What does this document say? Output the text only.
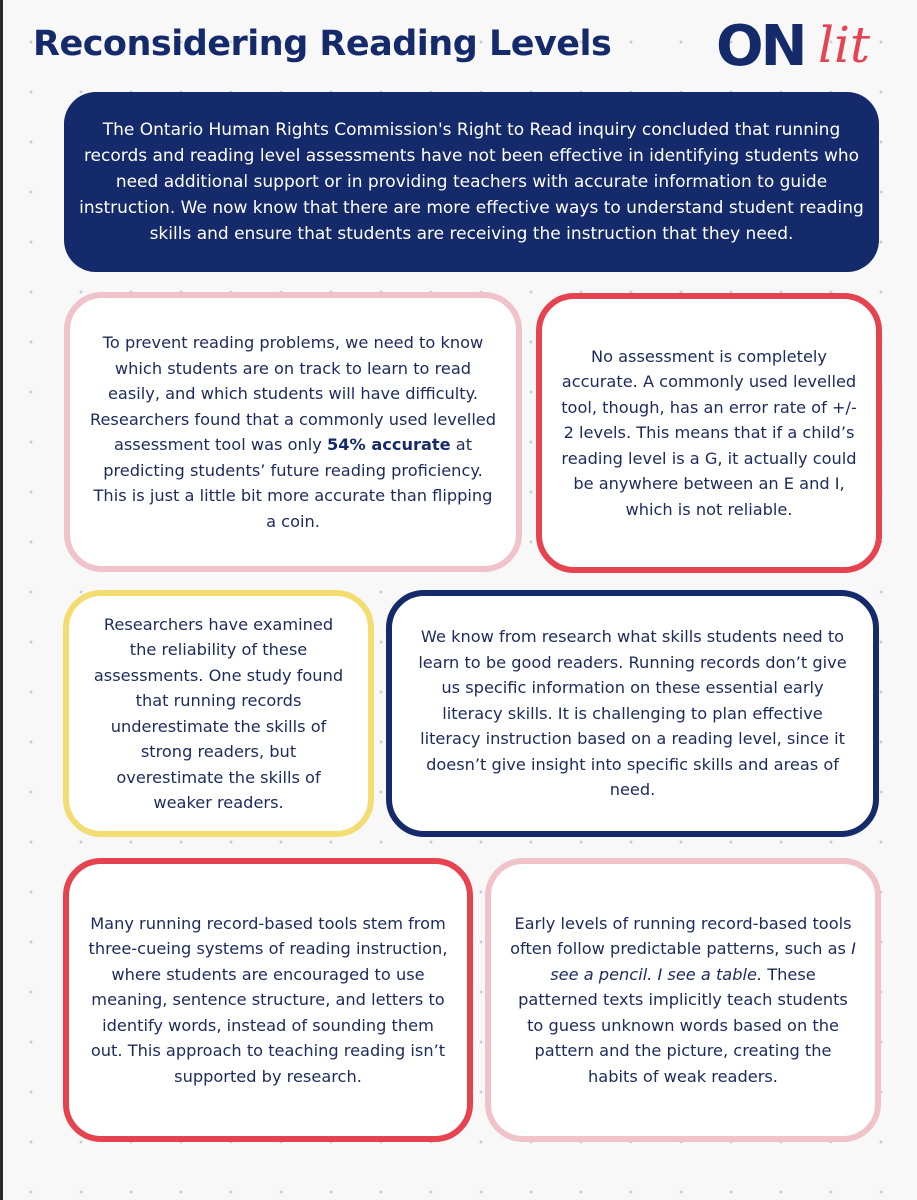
Reconsidering Reading Levels ON lit

The Ontario Human Rights Commission's Right to Read inquiry concluded that running records and reading level assessments have not been effective in identifying students who need additional support or in providing teachers with accurate information to guide instruction. We now know that there are more effective ways to understand student reading skills and ensure that students are receiving the instruction that they need.

To prevent reading problems, we need to know which students are on track to learn to read easily, and which students will have difficulty. Researchers found that a commonly used levelled assessment tool was only 54% accurate at predicting students’ future reading proficiency. This is just a little bit more accurate than flipping a coin.

No assessment is completely accurate. A commonly used levelled tool, though, has an error rate of +/- 2 levels. This means that if a child’s reading level is a G, it actually could be anywhere between an E and I, which is not reliable.

Researchers have examined the reliability of these assessments. One study found that running records underestimate the skills of strong readers, but overestimate the skills of weaker readers.

We know from research what skills students need to learn to be good readers. Running records don’t give us specific information on these essential early literacy skills. It is challenging to plan effective literacy instruction based on a reading level, since it doesn’t give insight into specific skills and areas of need.

Many running record-based tools stem from three-cueing systems of reading instruction, where students are encouraged to use meaning, sentence structure, and letters to identify words, instead of sounding them out. This approach to teaching reading isn’t supported by research.

Early levels of running record-based tools often follow predictable patterns, such as I see a pencil. I see a table. These patterned texts implicitly teach students to guess unknown words based on the pattern and the picture, creating the habits of weak readers.
